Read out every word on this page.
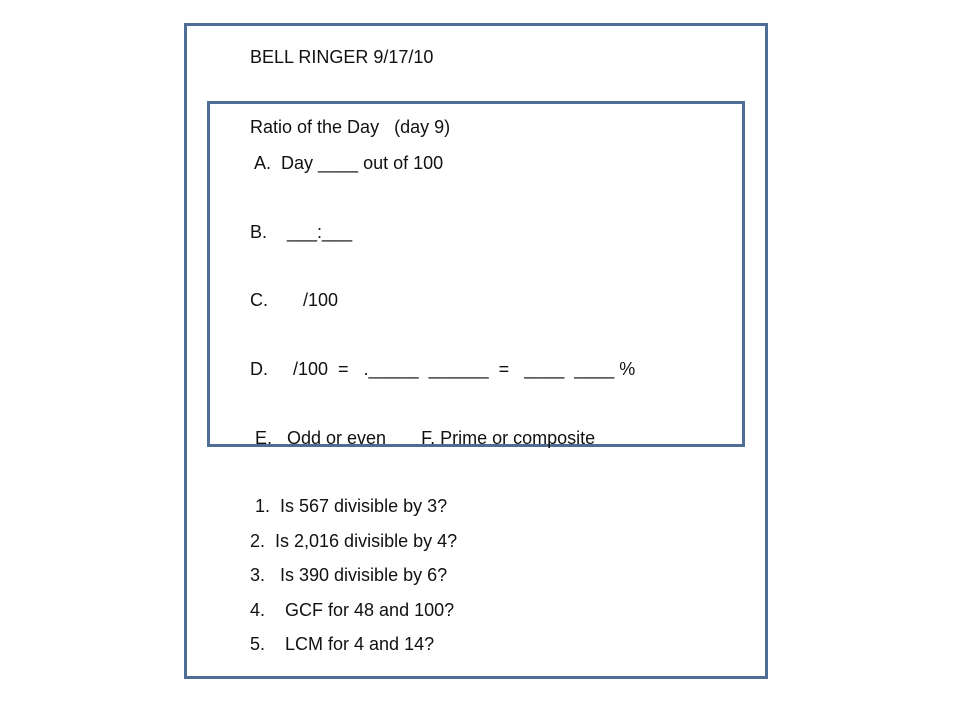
BELL RINGER 9/17/10
Ratio of the Day   (day 9)
A.  Day ____ out of 100
B.    ___:___
C.       /100
D.     /100  =   ._____  ______  =   ____  ____ %
E.   Odd or even       F. Prime or composite
1.  Is 567 divisible by 3?
2.  Is 2,016 divisible by 4?
3.   Is 390 divisible by 6?
4.    GCF for 48 and 100?
5.    LCM for 4 and 14?
